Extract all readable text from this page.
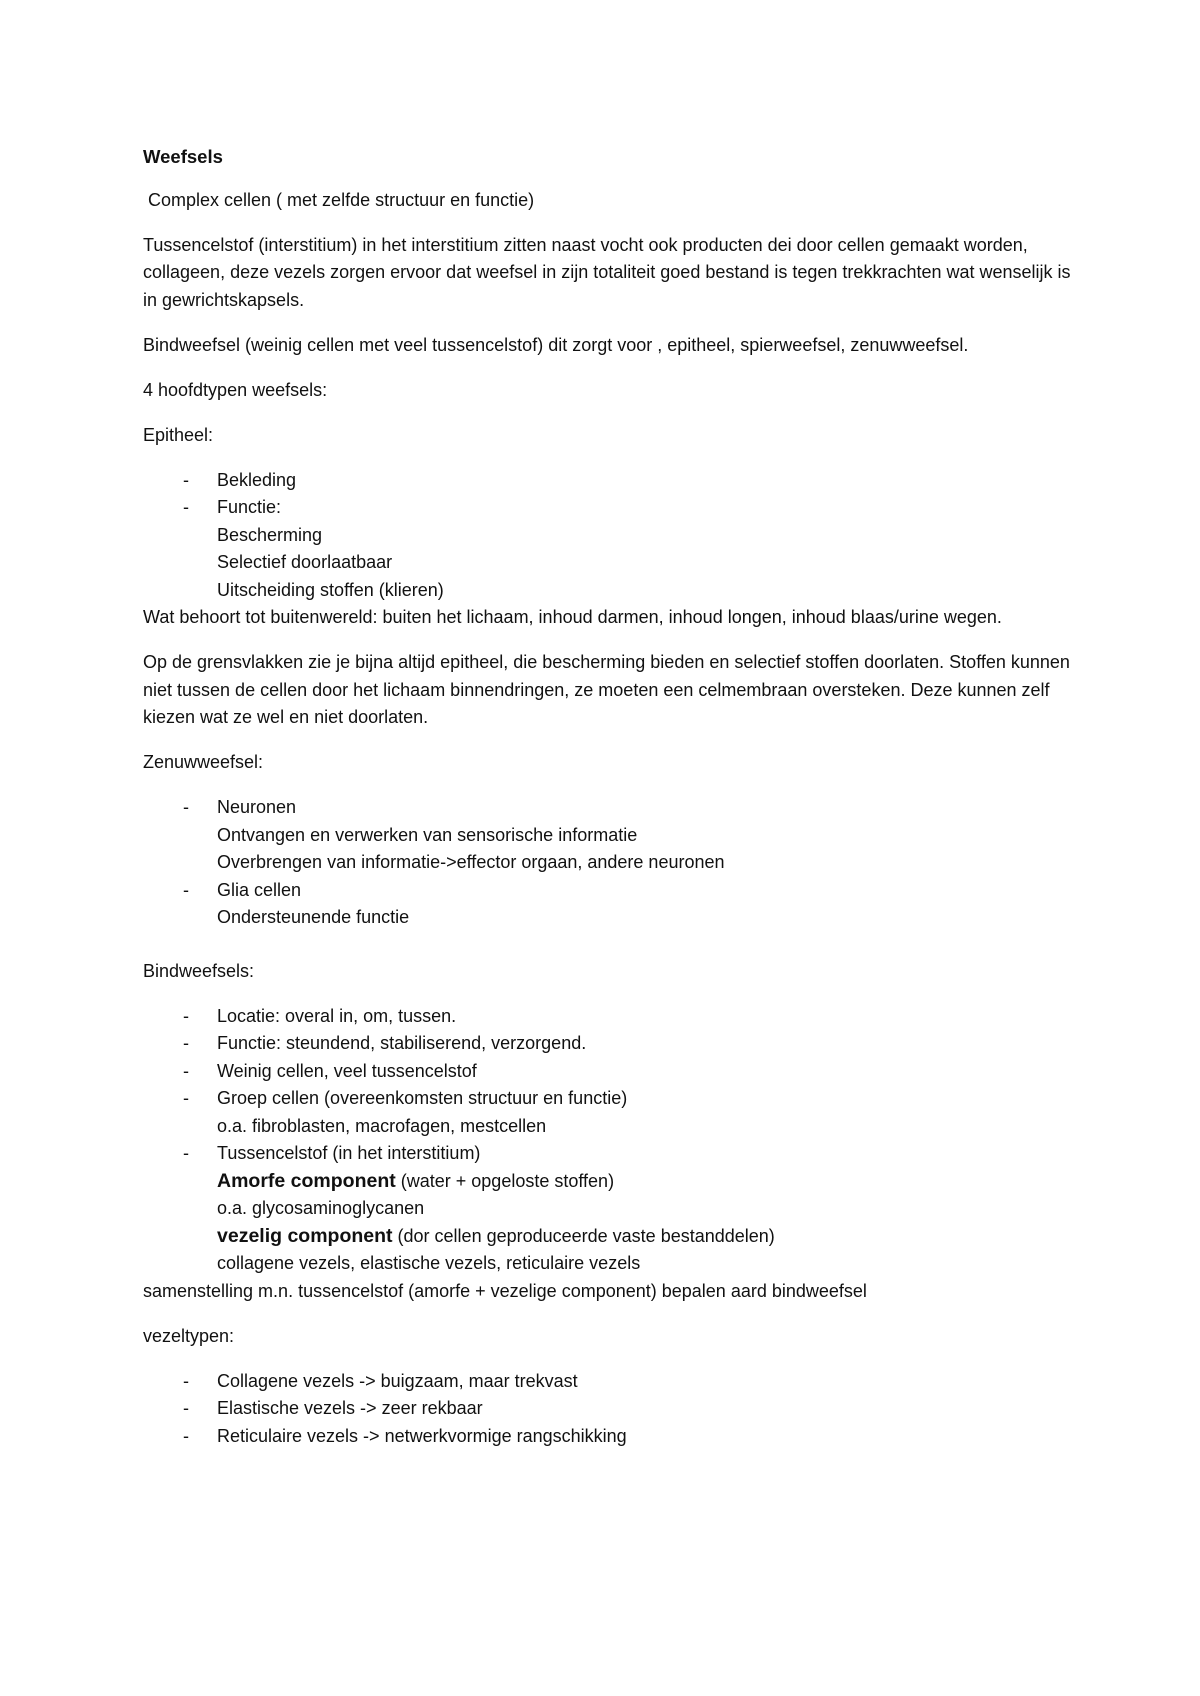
Weefsels

Complex cellen ( met zelfde structuur en functie)

Tussencelstof (interstitium) in het interstitium zitten naast vocht ook producten dei door cellen gemaakt worden, collageen, deze vezels zorgen ervoor dat weefsel in zijn totaliteit goed bestand is tegen trekkrachten wat wenselijk is in gewrichtskapsels.

Bindweefsel (weinig cellen met veel tussencelstof) dit zorgt voor , epitheel, spierweefsel, zenuwweefsel.

4 hoofdtypen weefsels:

Epitheel:

- Bekleding
- Functie:
Bescherming
Selectief doorlaatbaar
Uitscheiding stoffen (klieren)

Wat behoort tot buitenwereld: buiten het lichaam, inhoud darmen, inhoud longen, inhoud blaas/urine wegen.

Op de grensvlakken zie je bijna altijd epitheel, die bescherming bieden en selectief stoffen doorlaten. Stoffen kunnen niet tussen de cellen door het lichaam binnendringen, ze moeten een celmembraan oversteken. Deze kunnen zelf kiezen wat ze wel en niet doorlaten.

Zenuwweefsel:

- Neuronen
Ontvangen en verwerken van sensorische informatie
Overbrengen van informatie->effector orgaan, andere neuronen
- Glia cellen
Ondersteunende functie

Bindweefsels:

- Locatie: overal in, om, tussen.
- Functie: steundend, stabiliserend, verzorgend.
- Weinig cellen, veel tussencelstof
- Groep cellen (overeenkomsten structuur en functie)
o.a. fibroblasten, macrofagen, mestcellen
- Tussencelstof (in het interstitium)
Amorfe component (water + opgeloste stoffen)
o.a. glycosaminoglycanen
vezelig component (dor cellen geproduceerde vaste bestanddelen)
collagene vezels, elastische vezels, reticulaire vezels

samenstelling m.n. tussencelstof (amorfe + vezelige component) bepalen aard bindweefsel

vezeltypen:

- Collagene vezels -> buigzaam, maar trekvast
- Elastische vezels -> zeer rekbaar
- Reticulaire vezels -> netwerkvormige rangschikking
